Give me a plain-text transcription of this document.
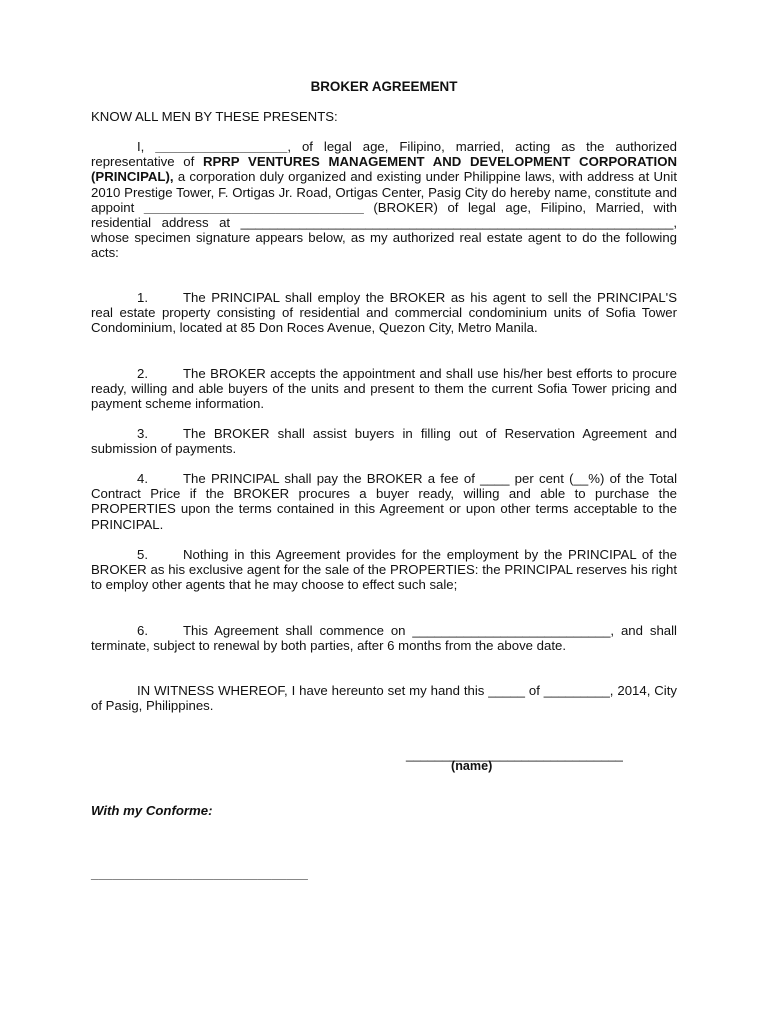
BROKER AGREEMENT
KNOW ALL MEN BY THESE PRESENTS:

I, __________________, of legal age, Filipino, married, acting as the authorized representative of RPRP VENTURES MANAGEMENT AND DEVELOPMENT CORPORATION (PRINCIPAL), a corporation duly organized and existing under Philippine laws, with address at Unit 2010 Prestige Tower, F. Ortigas Jr. Road, Ortigas Center, Pasig City do hereby name, constitute and appoint ______________________________ (BROKER) of legal age, Filipino, Married, with residential address at ___________________________________________________________, whose specimen signature appears below, as my authorized real estate agent to do the following acts:

1.	The PRINCIPAL shall employ the BROKER as his agent to sell the PRINCIPAL'S real estate property consisting of residential and commercial condominium units of Sofia Tower Condominium, located at 85 Don Roces Avenue, Quezon City, Metro Manila.

2.	The BROKER accepts the appointment and shall use his/her best efforts to procure ready, willing and able buyers of the units and present to them the current Sofia Tower pricing and payment scheme information.

3.	The BROKER shall assist buyers in filling out of Reservation Agreement and submission of payments.

4.	The PRINCIPAL shall pay the BROKER a fee of ____ per cent (__%) of the Total Contract Price if the BROKER procures a buyer ready, willing and able to purchase the PROPERTIES upon the terms contained in this Agreement or upon other terms acceptable to the PRINCIPAL.

5.	Nothing in this Agreement provides for the employment by the PRINCIPAL of the BROKER as his exclusive agent for the sale of the PROPERTIES: the PRINCIPAL reserves his right to employ other agents that he may choose to effect such sale;

6.	This Agreement shall commence on ___________________________, and shall terminate, subject to renewal by both parties, after 6 months from the above date.

IN WITNESS WHEREOF, I have hereunto set my hand this _____ of _________, 2014, City of Pasig, Philippines.

______________________________
(name)
With my Conforme:
______________________________
